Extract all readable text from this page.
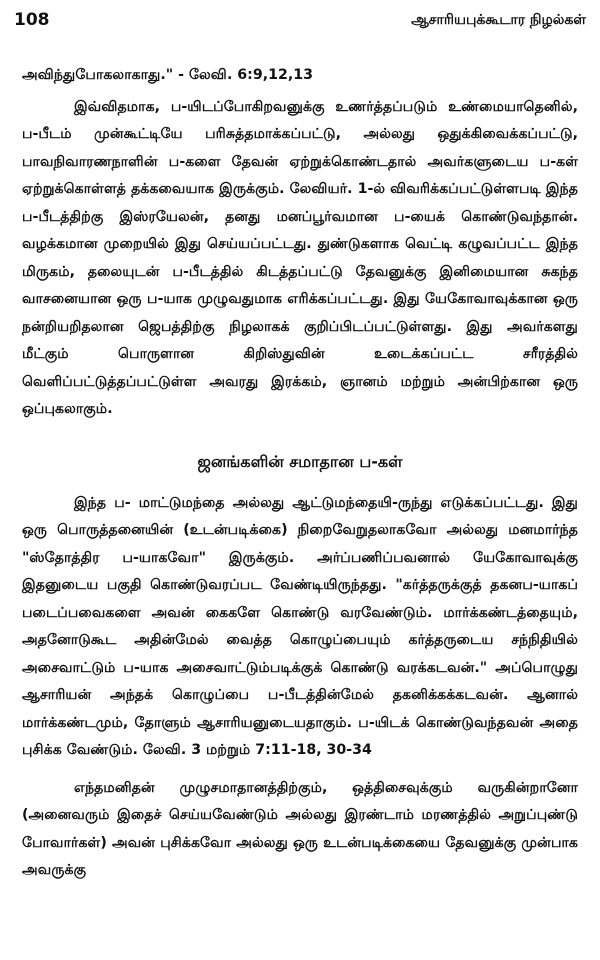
108	ஆசாரியபுக்கூடார நிழல்கள்

அவிந்துபோகலாகாது." - லேவி. 6:9,12,13

இவ்விதமாக, ப-யிடப்போகிறவனுக்கு உணர்த்தப்படும் உண்மையாதெனில், ப-பீடம் முன்கூட்டியே பரிசுத்தமாக்கப்பட்டு, அல்லது ஒதுக்கிவைக்கப்பட்டு, பாவநிவாரணநாளின் ப-களை தேவன் ஏற்றுக்கொண்டதால் அவர்களுடைய ப-கள் ஏற்றுக்கொள்ளத் தக்கவையாக இருக்கும். லேவியர். 1-ல் விவரிக்கப்பட்டுள்ளபடி இந்த ப-பீடத்திற்கு இஸ்ரயேலன், தனது மனப்பூர்வமான ப-யைக் கொண்டுவந்தான். வழக்கமான முறையில் இது செய்யப்பட்டது. துண்டுகளாக வெட்டி கழுவப்பட்ட இந்த மிருகம், தலையுடன் ப-பீடத்தில் கிடத்தப்பட்டு தேவனுக்கு இனிமையான சுகந்த வாசனையான ஒரு ப-யாக முழுவதுமாக எரிக்கப்பட்டது. இது யேகோவாவுக்கான ஒரு நன்றியறிதலான ஜெபத்திற்கு நிழலாகக் குறிப்பிடப்பட்டுள்ளது. இது அவர்களது மீட்கும் பொருளான கிறிஸ்துவின் உடைக்கப்பட்ட சரீரத்தில் வெளிப்பட்டுத்தப்பட்டுள்ள அவரது இரக்கம், ஞானம் மற்றும் அன்பிற்கான ஒரு ஒப்புகலாகும்.

ஜனங்களின் சமாதான ப-கள்

இந்த ப- மாட்டுமந்தை அல்லது ஆட்டுமந்தையி-ருந்து எடுக்கப்பட்டது. இது ஒரு பொருத்தனையின் (உடன்படிக்கை) நிறைவேறுதலாகவோ அல்லது மனமார்ந்த "ஸ்தோத்திர ப-யாகவோ" இருக்கும். அர்ப்பணிப்பவனால் யேகோவாவுக்கு இதனுடைய பகுதி கொண்டுவரப்பட வேண்டியிருந்தது. "கர்த்தருக்குத் தகனப-யாகப் படைப்பவைகளை அவன் கைகளே கொண்டு வரவேண்டும். மார்க்கண்டத்தையும், அதனோடுகூட அதின்மேல் வைத்த கொழுப்பையும் கர்த்தருடைய சந்நிதியில் அசைவாட்டும் ப-யாக அசைவாட்டும்படிக்குக் கொண்டு வரக்கடவன்." அப்பொழுது ஆசாரியன் அந்தக் கொழுப்பை ப-பீடத்தின்மேல் தகனிக்கக்கடவன். ஆனால் மார்க்கண்டமும், தோளும் ஆசாரியனுடையதாகும். ப-யிடக் கொண்டுவந்தவன் அதை புசிக்க வேண்டும். லேவி. 3 மற்றும் 7:11-18, 30-34

எந்தமனிதன் முழுசமாதானத்திற்கும், ஒத்திசைவுக்கும் வருகின்றானோ (அனைவரும் இதைச் செய்யவேண்டும் அல்லது இரண்டாம் மரணத்தில் அறுப்புண்டு போவார்கள்) அவன் புசிக்கவோ அல்லது ஒரு உடன்படிக்கையை தேவனுக்கு முன்பாக அவருக்கு
